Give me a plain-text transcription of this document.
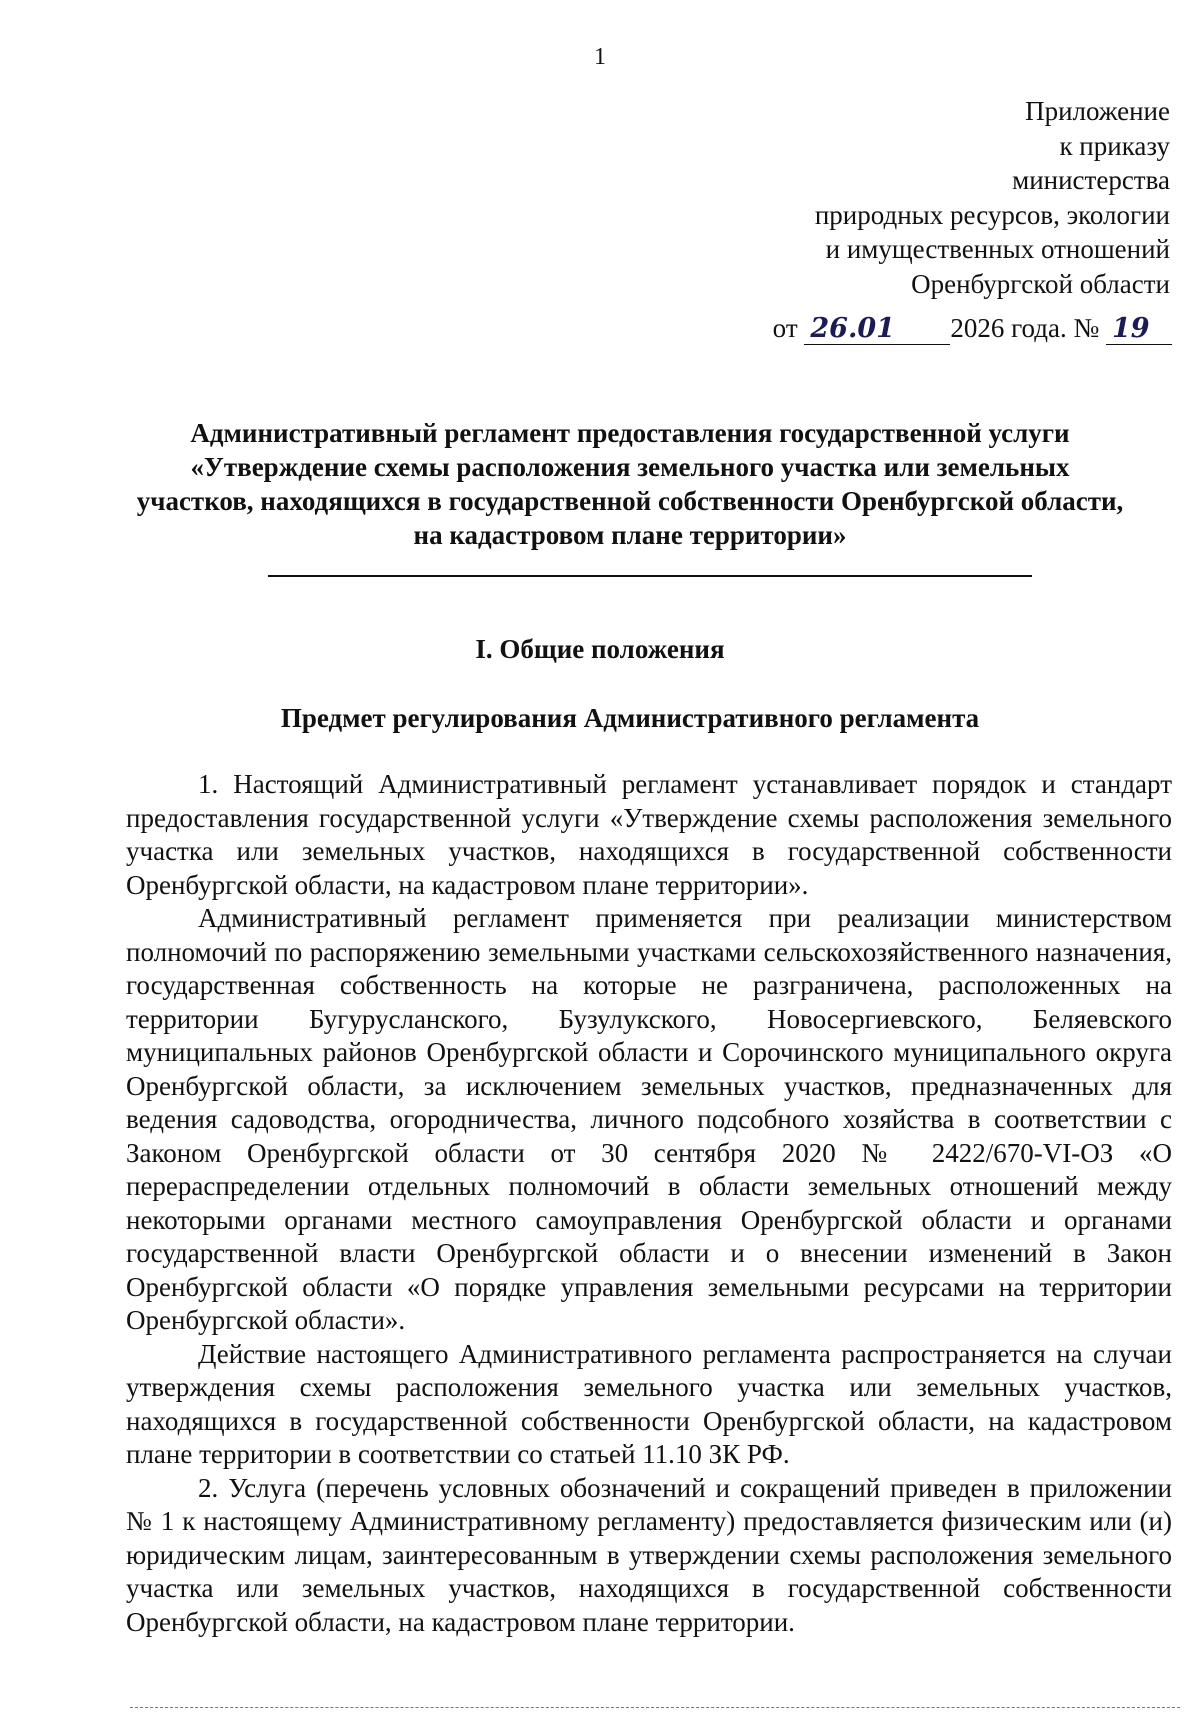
1
Приложение
к приказу
министерства
природных ресурсов, экологии
и имущественных отношений
Оренбургской области
от 26.01 2026 года. № 19
Административный регламент предоставления государственной услуги
«Утверждение схемы расположения земельного участка или земельных
участков, находящихся в государственной собственности Оренбургской области,
на кадастровом плане территории»
I. Общие положения
Предмет регулирования Административного регламента

1. Настоящий Административный регламент устанавливает порядок и стандарт предоставления государственной услуги «Утверждение схемы расположения земельного участка или земельных участков, находящихся в государственной собственности Оренбургской области, на кадастровом плане территории».

Административный регламент применяется при реализации министерством полномочий по распоряжению земельными участками сельскохозяйственного назначения, государственная собственность на которые не разграничена, расположенных на территории Бугурусланского, Бузулукского, Новосергиевского, Беляевского муниципальных районов Оренбургской области и Сорочинского муниципального округа Оренбургской области, за исключением земельных участков, предназначенных для ведения садоводства, огородничества, личного подсобного хозяйства в соответствии с Законом Оренбургской области от 30 сентября 2020 № 2422/670-VI-ОЗ «О перераспределении отдельных полномочий в области земельных отношений между некоторыми органами местного самоуправления Оренбургской области и органами государственной власти Оренбургской области и о внесении изменений в Закон Оренбургской области «О порядке управления земельными ресурсами на территории Оренбургской области».

Действие настоящего Административного регламента распространяется на случаи утверждения схемы расположения земельного участка или земельных участков, находящихся в государственной собственности Оренбургской области, на кадастровом плане территории в соответствии со статьей 11.10 ЗК РФ.

2. Услуга (перечень условных обозначений и сокращений приведен в приложении № 1 к настоящему Административному регламенту) предоставляется физическим или (и) юридическим лицам, заинтересованным в утверждении схемы расположения земельного участка или земельных участков, находящихся в государственной собственности Оренбургской области, на кадастровом плане территории.
